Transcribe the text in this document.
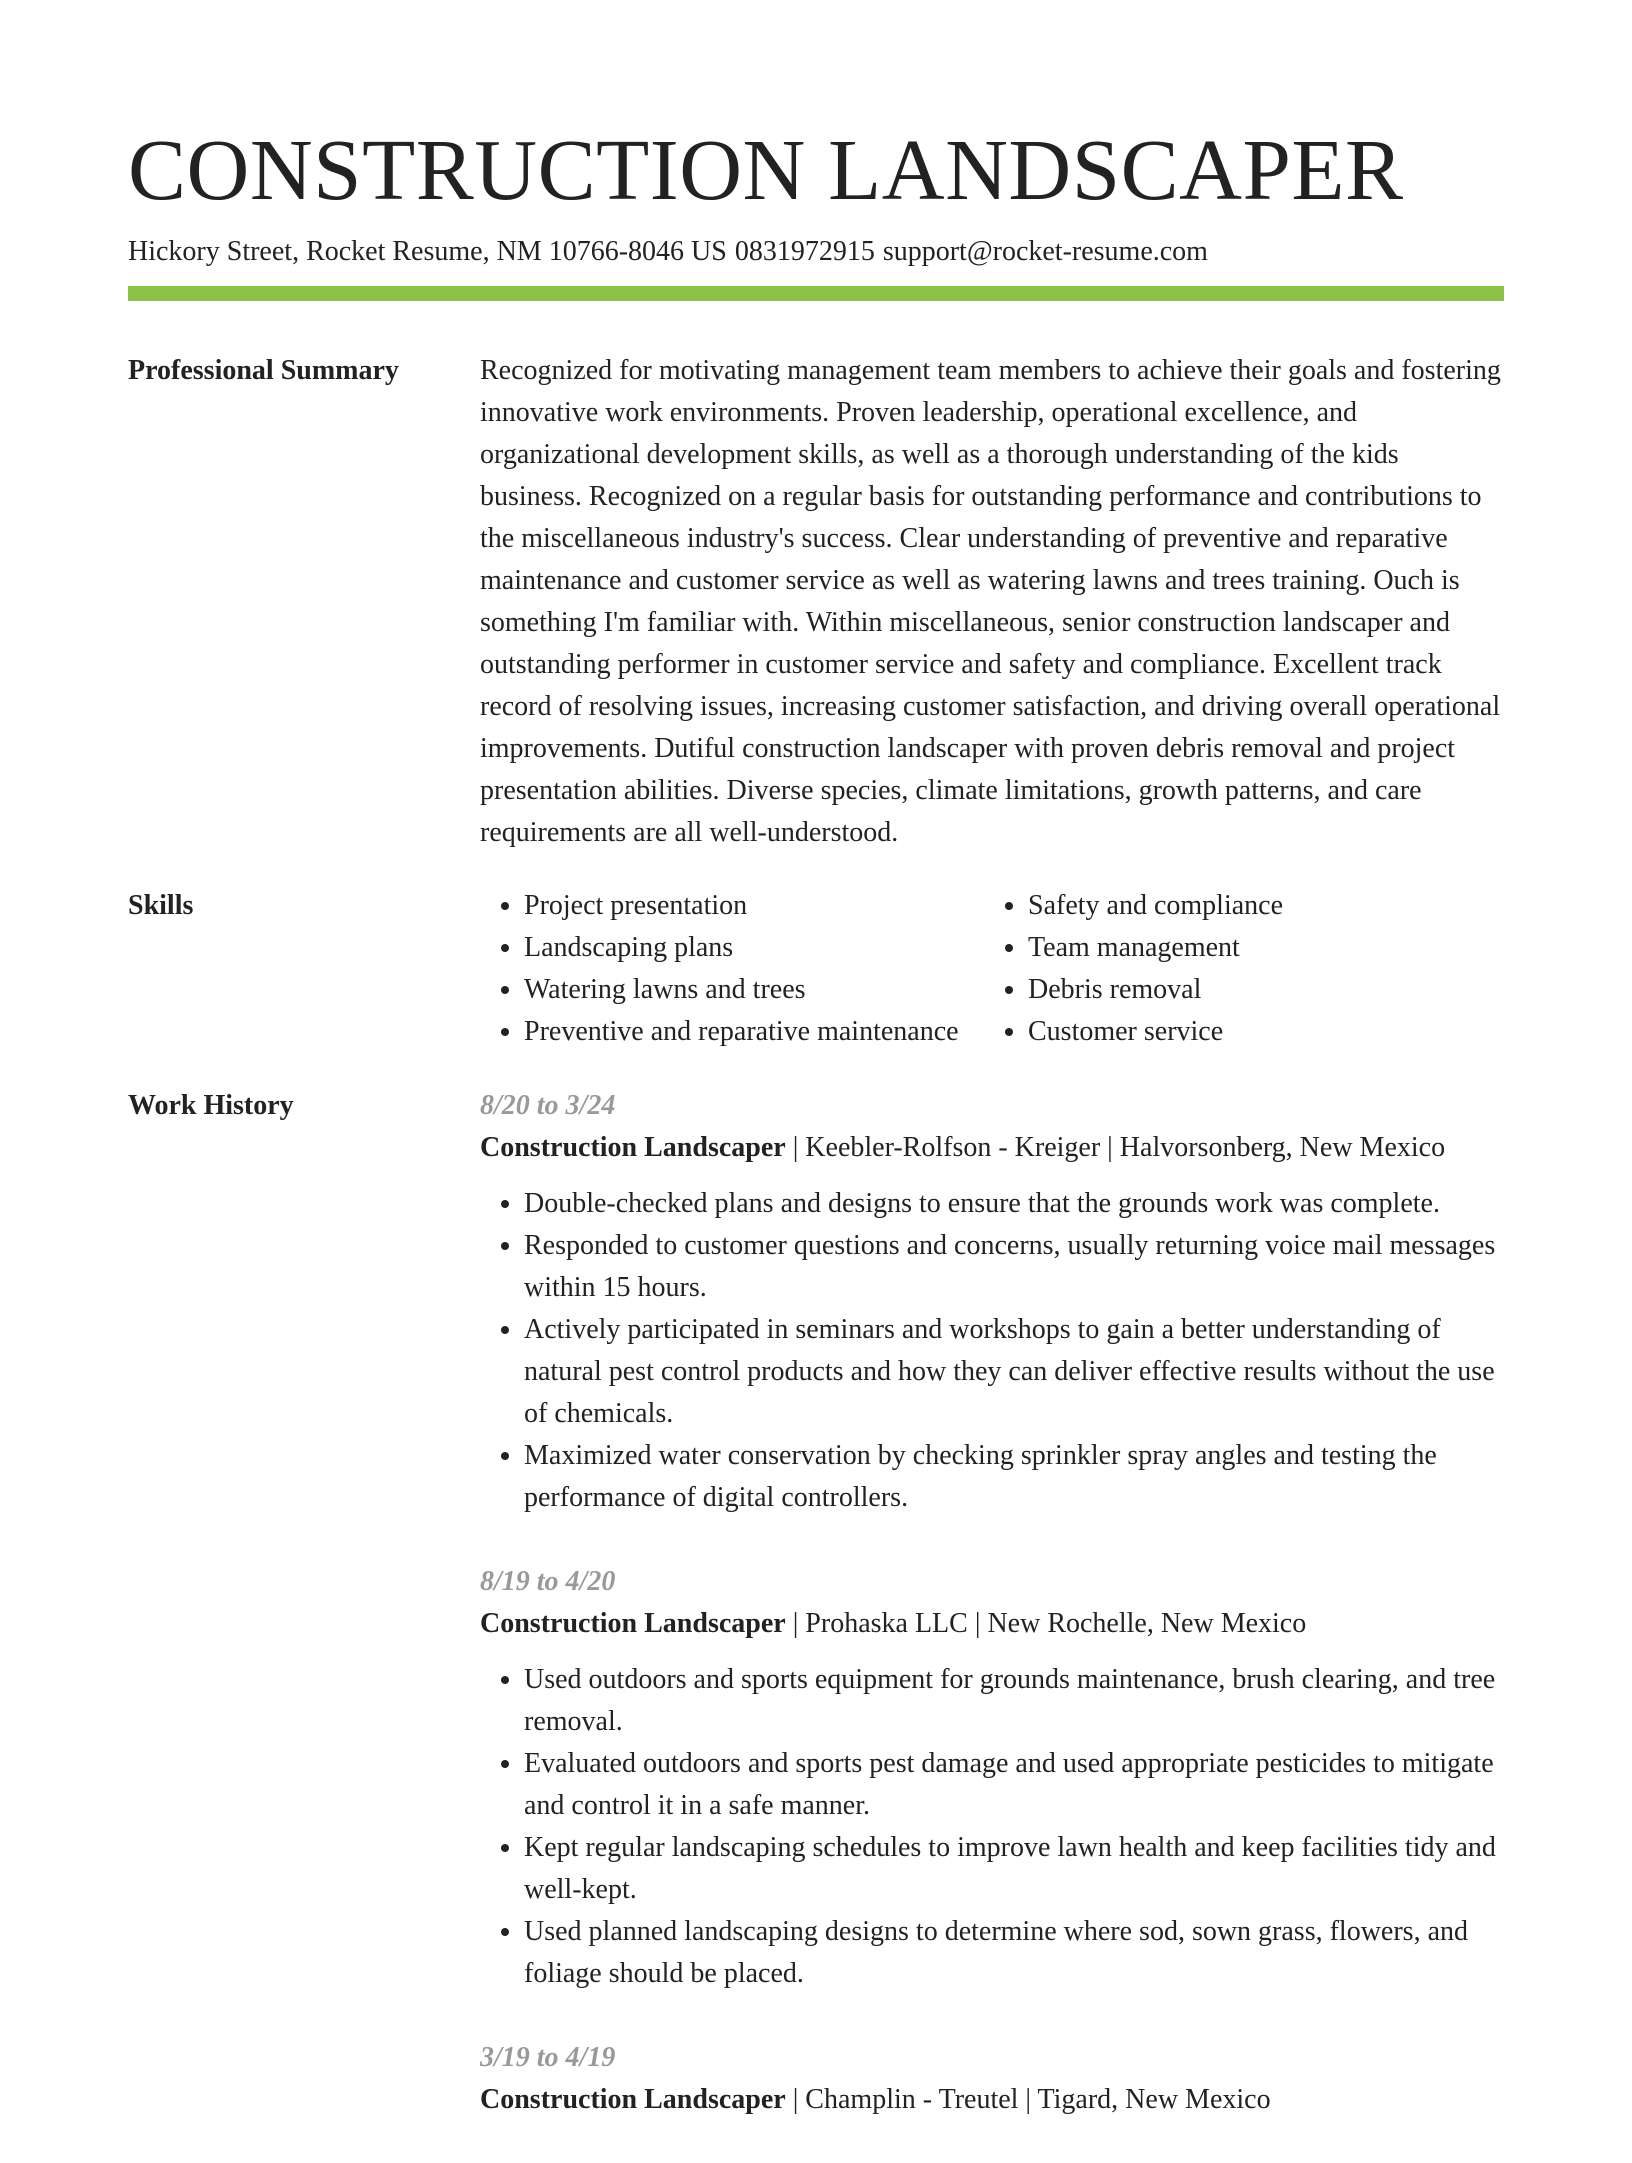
CONSTRUCTION LANDSCAPER
Hickory Street, Rocket Resume, NM 10766-8046 US 0831972915 support@rocket-resume.com
Professional Summary	Recognized for motivating management team members to achieve their goals and fostering innovative work environments. Proven leadership, operational excellence, and organizational development skills, as well as a thorough understanding of the kids business. Recognized on a regular basis for outstanding performance and contributions to the miscellaneous industry's success. Clear understanding of preventive and reparative maintenance and customer service as well as watering lawns and trees training. Ouch is something I'm familiar with. Within miscellaneous, senior construction landscaper and outstanding performer in customer service and safety and compliance. Excellent track record of resolving issues, increasing customer satisfaction, and driving overall operational improvements. Dutiful construction landscaper with proven debris removal and project presentation abilities. Diverse species, climate limitations, growth patterns, and care requirements are all well-understood.

Skills
•	Project presentation
• Landscaping plans
• Watering lawns and trees
• Preventive and reparative maintenance
• Safety and compliance
• Team management
• Debris removal
• Customer service
Work History	8/20 to 3/24
Construction Landscaper | Keebler-Rolfson - Kreiger | Halvorsonberg, New Mexico
• Double-checked plans and designs to ensure that the grounds work was complete.
• Responded to customer questions and concerns, usually returning voice mail messages within 15 hours.
• Actively participated in seminars and workshops to gain a better understanding of natural pest control products and how they can deliver effective results without the use of chemicals.
• Maximized water conservation by checking sprinkler spray angles and testing the performance of digital controllers.
8/19 to 4/20
Construction Landscaper | Prohaska LLC | New Rochelle, New Mexico
• Used outdoors and sports equipment for grounds maintenance, brush clearing, and tree removal.
• Evaluated outdoors and sports pest damage and used appropriate pesticides to mitigate and control it in a safe manner.
• Kept regular landscaping schedules to improve lawn health and keep facilities tidy and well-kept.
• Used planned landscaping designs to determine where sod, sown grass, flowers, and foliage should be placed.
3/19 to 4/19
Construction Landscaper | Champlin - Treutel | Tigard, New Mexico
